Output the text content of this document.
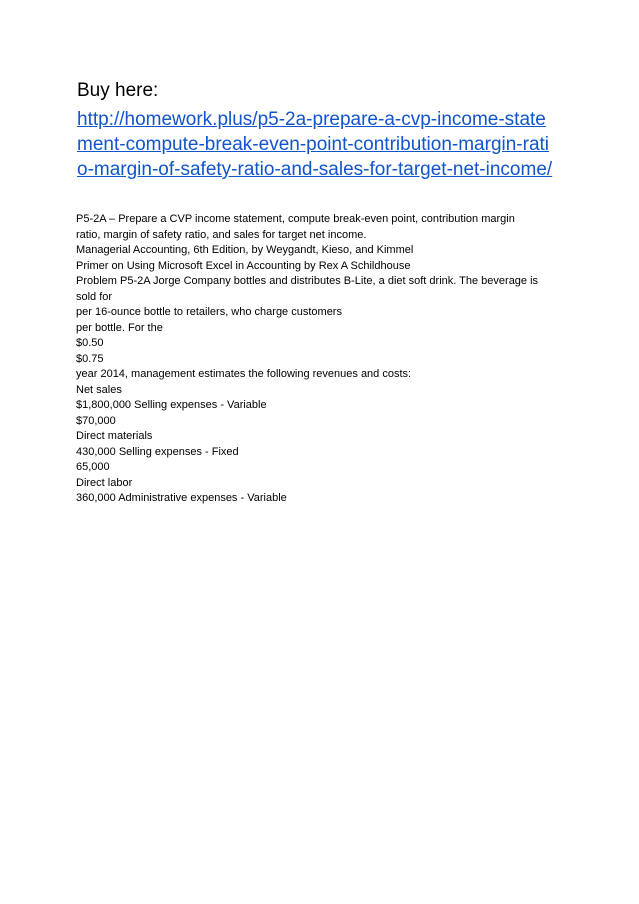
Buy here:

http://homework.plus/p5-2a-prepare-a-cvp-income-state
ment-compute-break-even-point-contribution-margin-rati
o-margin-of-safety-ratio-and-sales-for-target-net-income/
P5-2A – Prepare a CVP income statement, compute break-even point, contribution margin
ratio, margin of safety ratio, and sales for target net income.
Managerial Accounting, 6th Edition, by Weygandt, Kieso, and Kimmel
Primer on Using Microsoft Excel in Accounting by Rex A Schildhouse
Problem P5-2A Jorge Company bottles and distributes B-Lite, a diet soft drink. The beverage is
sold for
per 16-ounce bottle to retailers, who charge customers
per bottle. For the
$0.50
$0.75
year 2014, management estimates the following revenues and costs:
Net sales
$1,800,000 Selling expenses - Variable
$70,000
Direct materials
430,000 Selling expenses - Fixed
65,000
Direct labor
360,000 Administrative expenses - Variable
